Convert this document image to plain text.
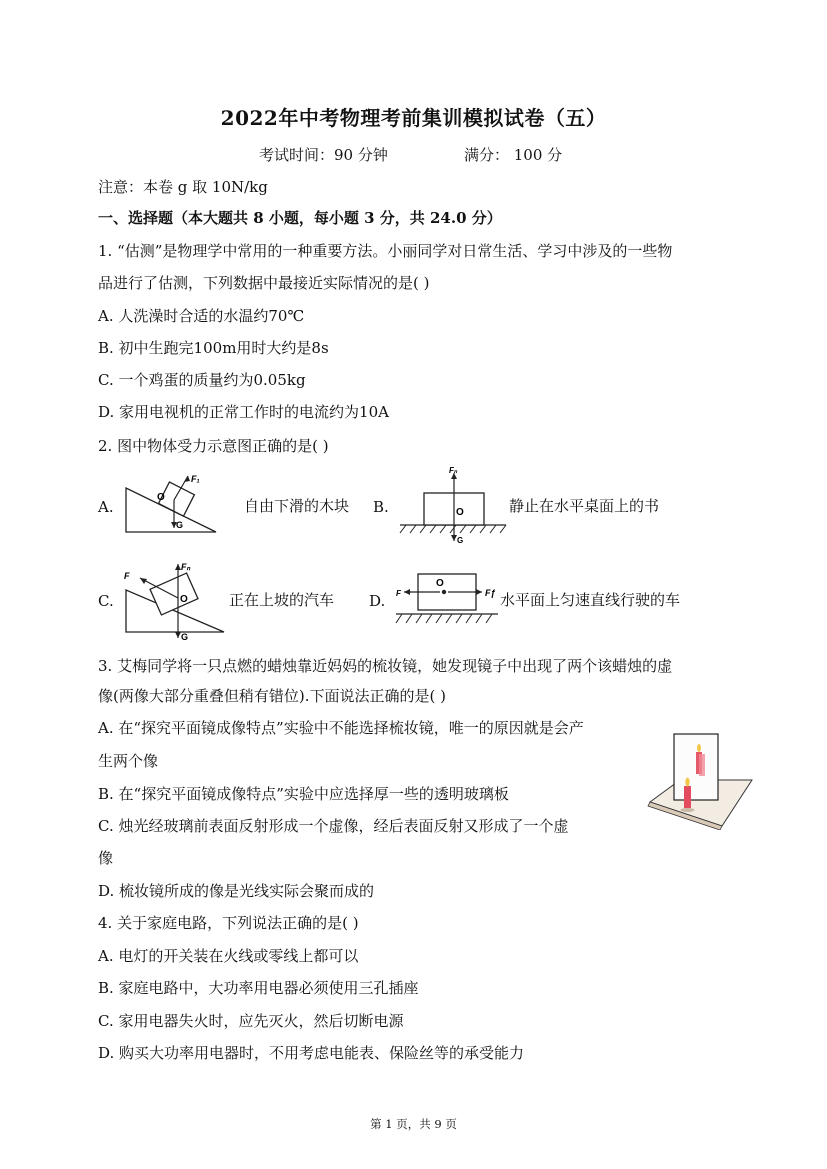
2022年中考物理考前集训模拟试卷（五）
考试时间：90 分钟	满分： 100 分
注意：本卷 g 取 10N/kg
一、选择题（本大题共 8 小题，每小题 3 分，共 24.0 分）
1. “估测”是物理学中常用的一种重要方法。小丽同学对日常生活、学习中涉及的一些物
品进行了估测，下列数据中最接近实际情况的是( )
A. 人洗澡时合适的水温约70℃
B. 初中生跑完100m用时大约是8s
C. 一个鸡蛋的质量约为0.05kg
D. 家用电视机的正常工作时的电流约为10A
2. 图中物体受力示意图正确的是( )
A.	B.
C.	D.
自由下滑的木块	静止在水平桌面上的书
正在上坡的汽车	水平面上匀速直线行驶的车
F₁
O
G
Fₙ
O
G
F
Fₙ
O
G
F
O
Fƒ
3. 艾梅同学将一只点燃的蜡烛靠近妈妈的梳妆镜，她发现镜子中出现了两个该蜡烛的虚
像(两像大部分重叠但稍有错位).下面说法正确的是( )
A. 在“探究平面镜成像特点”实验中不能选择梳妆镜，唯一的原因就是会产
生两个像
B. 在“探究平面镜成像特点”实验中应选择厚一些的透明玻璃板
C. 烛光经玻璃前表面反射形成一个虚像，经后表面反射又形成了一个虚
像
D. 梳妆镜所成的像是光线实际会聚而成的
4. 关于家庭电路，下列说法正确的是( )
A. 电灯的开关装在火线或零线上都可以
B. 家庭电路中，大功率用电器必须使用三孔插座
C. 家用电器失火时，应先灭火，然后切断电源
D. 购买大功率用电器时，不用考虑电能表、保险丝等的承受能力
第 1 页，共 9 页
